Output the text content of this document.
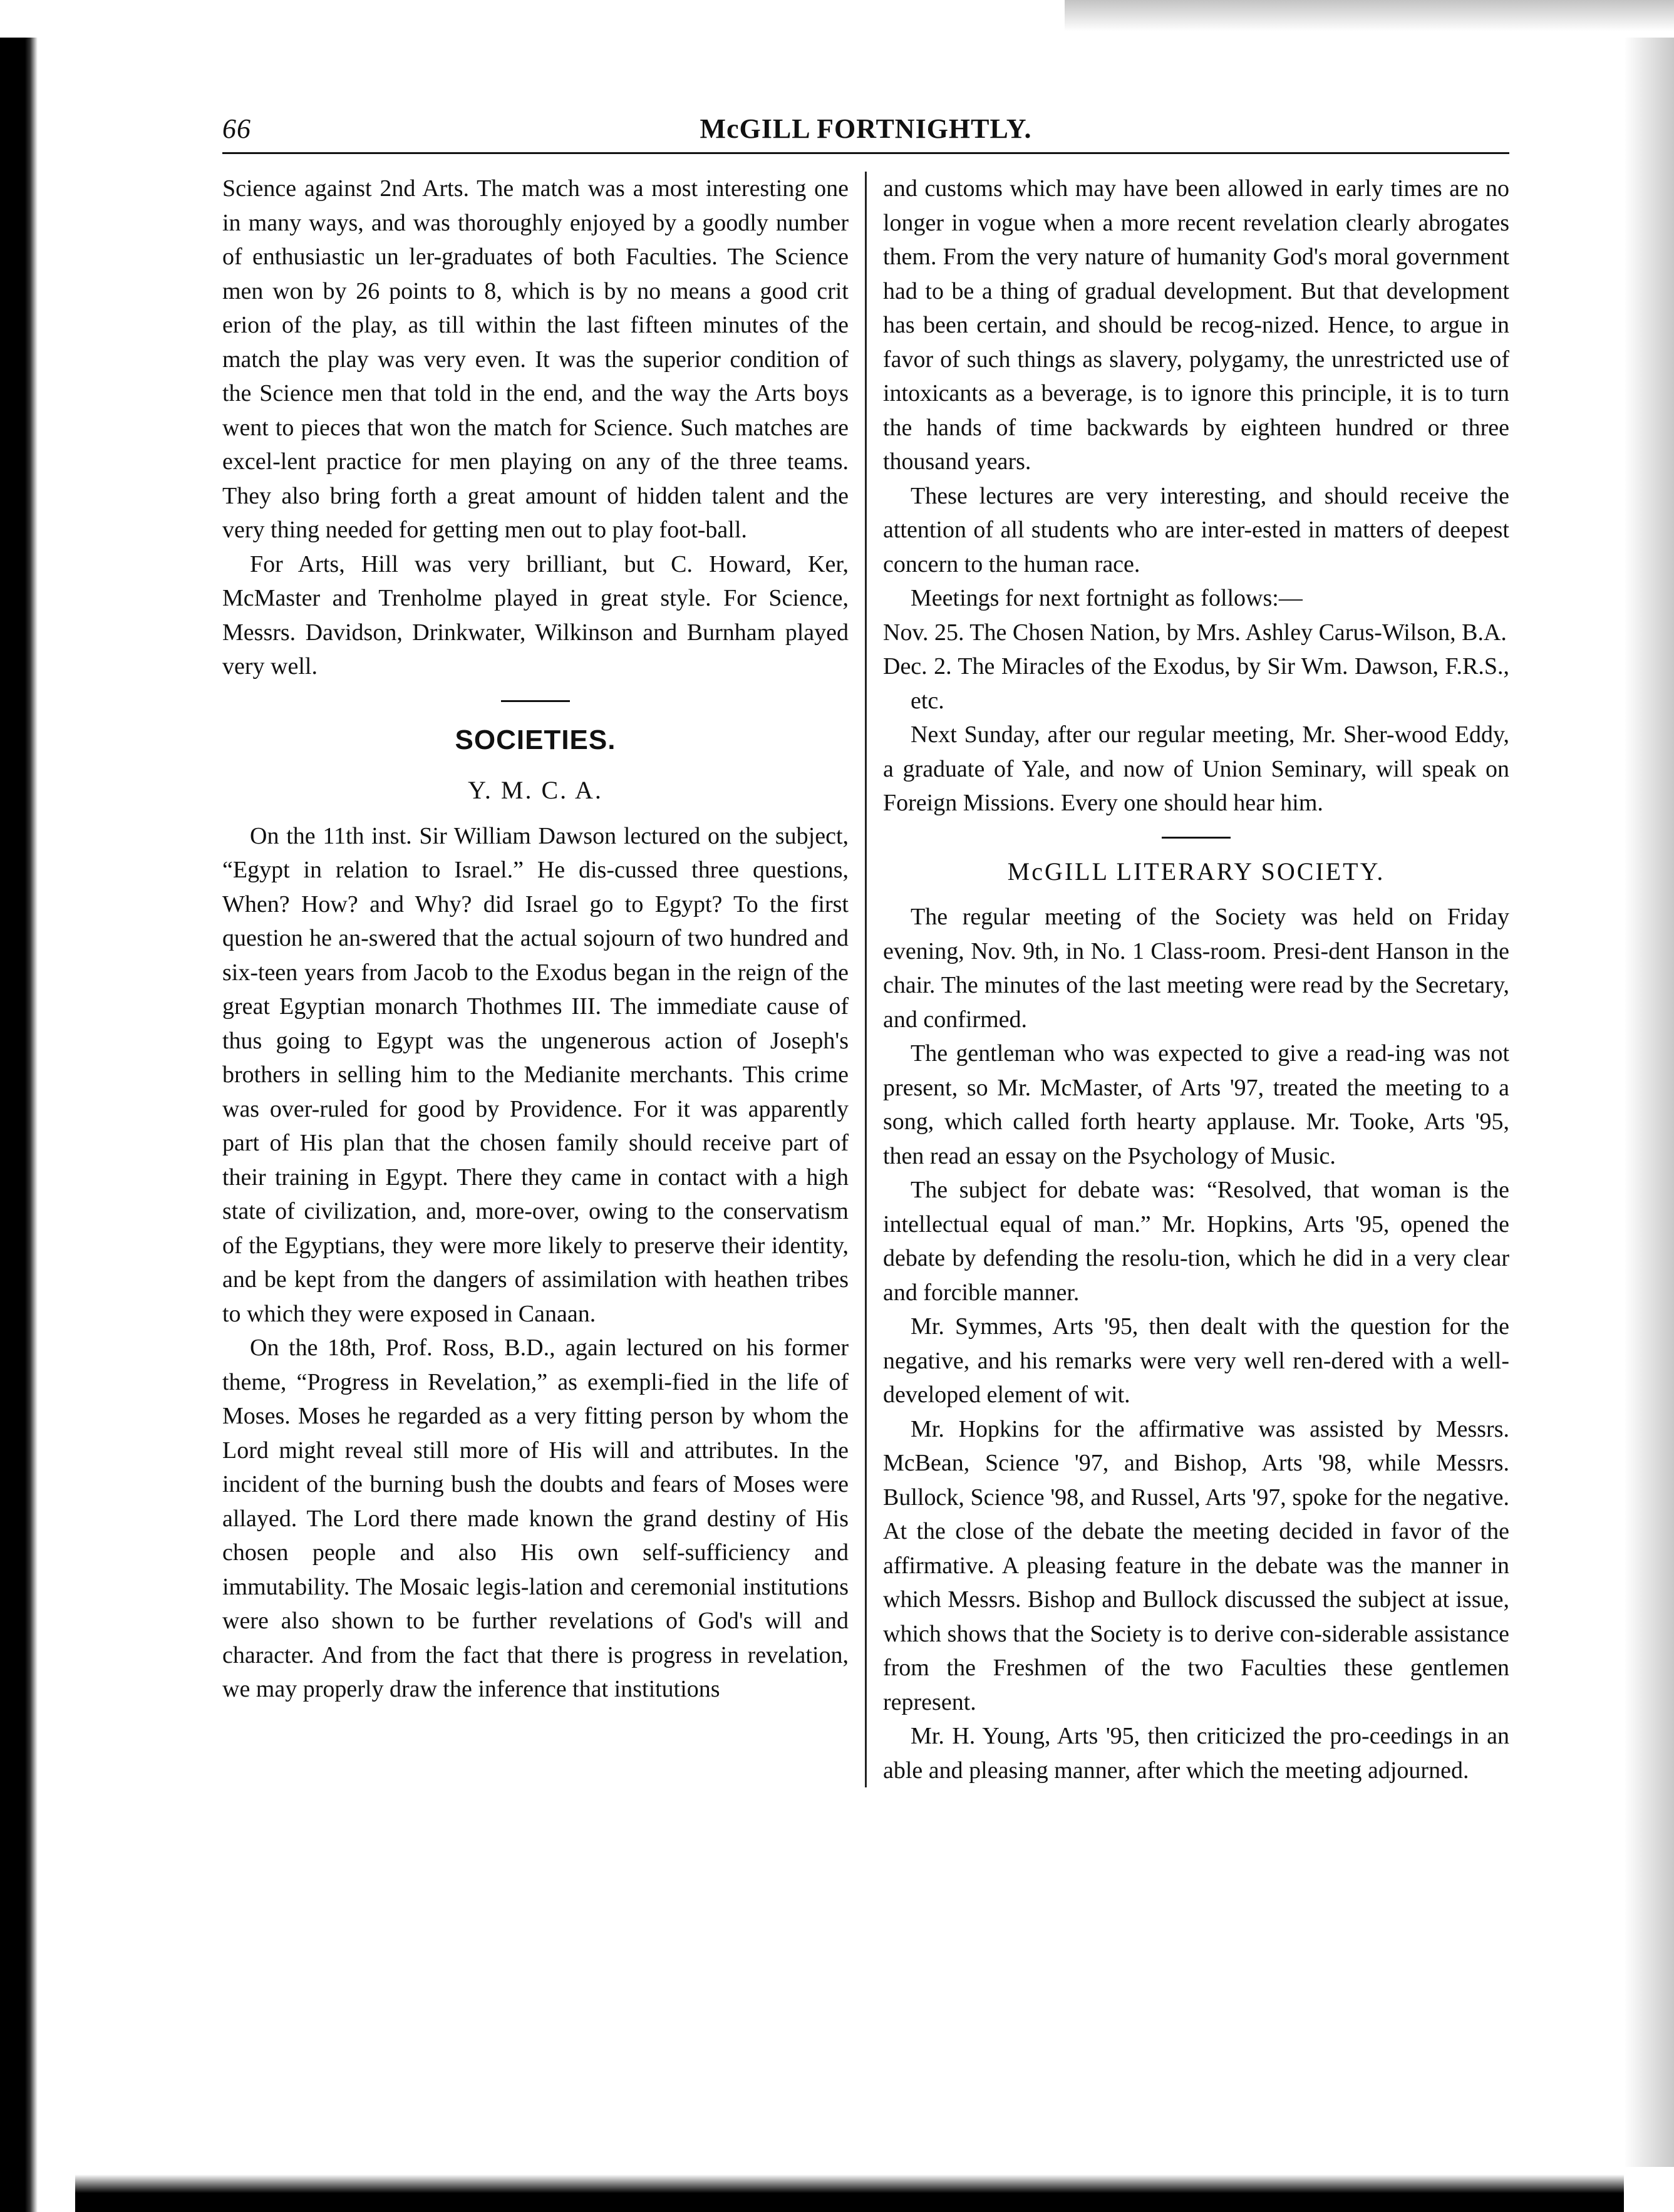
66	McGILL FORTNIGHTLY.

Science against 2nd Arts. The match was a most interesting one in many ways, and was thoroughly enjoyed by a goodly number of enthusiastic un ler-graduates of both Faculties. The Science men won by 26 points to 8, which is by no means a good crit erion of the play, as till within the last fifteen minutes of the match the play was very even. It was the superior condition of the Science men that told in the end, and the way the Arts boys went to pieces that won the match for Science. Such matches are excel-lent practice for men playing on any of the three teams. They also bring forth a great amount of hidden talent and the very thing needed for getting men out to play foot-ball.

For Arts, Hill was very brilliant, but C. Howard, Ker, McMaster and Trenholme played in great style. For Science, Messrs. Davidson, Drinkwater, Wilkinson and Burnham played very well.

SOCIETIES.
Y. M. C. A.

On the 11th inst. Sir William Dawson lectured on the subject, “Egypt in relation to Israel.” He dis-cussed three questions, When? How? and Why? did Israel go to Egypt? To the first question he an-swered that the actual sojourn of two hundred and six-teen years from Jacob to the Exodus began in the reign of the great Egyptian monarch Thothmes III. The immediate cause of thus going to Egypt was the ungenerous action of Joseph's brothers in selling him to the Medianite merchants. This crime was over-ruled for good by Providence. For it was apparently part of His plan that the chosen family should receive part of their training in Egypt. There they came in contact with a high state of civilization, and, more-over, owing to the conservatism of the Egyptians, they were more likely to preserve their identity, and be kept from the dangers of assimilation with heathen tribes to which they were exposed in Canaan.

On the 18th, Prof. Ross, B.D., again lectured on his former theme, “Progress in Revelation,” as exempli-fied in the life of Moses. Moses he regarded as a very fitting person by whom the Lord might reveal still more of His will and attributes. In the incident of the burning bush the doubts and fears of Moses were allayed. The Lord there made known the grand destiny of His chosen people and also His own self-sufficiency and immutability. The Mosaic legis-lation and ceremonial institutions were also shown to be further revelations of God's will and character. And from the fact that there is progress in revelation, we may properly draw the inference that institutions

and customs which may have been allowed in early times are no longer in vogue when a more recent revelation clearly abrogates them. From the very nature of humanity God's moral government had to be a thing of gradual development. But that development has been certain, and should be recog-nized. Hence, to argue in favor of such things as slavery, polygamy, the unrestricted use of intoxicants as a beverage, is to ignore this principle, it is to turn the hands of time backwards by eighteen hundred or three thousand years.

These lectures are very interesting, and should receive the attention of all students who are inter-ested in matters of deepest concern to the human race.

Meetings for next fortnight as follows:—

Nov. 25. The Chosen Nation, by Mrs. Ashley Carus-Wilson, B.A.

Dec. 2. The Miracles of the Exodus, by Sir Wm. Dawson, F.R.S., etc.

Next Sunday, after our regular meeting, Mr. Sher-wood Eddy, a graduate of Yale, and now of Union Seminary, will speak on Foreign Missions. Every one should hear him.

McGILL LITERARY SOCIETY.

The regular meeting of the Society was held on Friday evening, Nov. 9th, in No. 1 Class-room. Presi-dent Hanson in the chair. The minutes of the last meeting were read by the Secretary, and confirmed.

The gentleman who was expected to give a read-ing was not present, so Mr. McMaster, of Arts '97, treated the meeting to a song, which called forth hearty applause. Mr. Tooke, Arts '95, then read an essay on the Psychology of Music.

The subject for debate was: “Resolved, that woman is the intellectual equal of man.” Mr. Hopkins, Arts '95, opened the debate by defending the resolu-tion, which he did in a very clear and forcible manner.

Mr. Symmes, Arts '95, then dealt with the question for the negative, and his remarks were very well ren-dered with a well-developed element of wit.

Mr. Hopkins for the affirmative was assisted by Messrs. McBean, Science '97, and Bishop, Arts '98, while Messrs. Bullock, Science '98, and Russel, Arts '97, spoke for the negative. At the close of the debate the meeting decided in favor of the affirmative. A pleasing feature in the debate was the manner in which Messrs. Bishop and Bullock discussed the subject at issue, which shows that the Society is to derive con-siderable assistance from the Freshmen of the two Faculties these gentlemen represent.

Mr. H. Young, Arts '95, then criticized the pro-ceedings in an able and pleasing manner, after which the meeting adjourned.
